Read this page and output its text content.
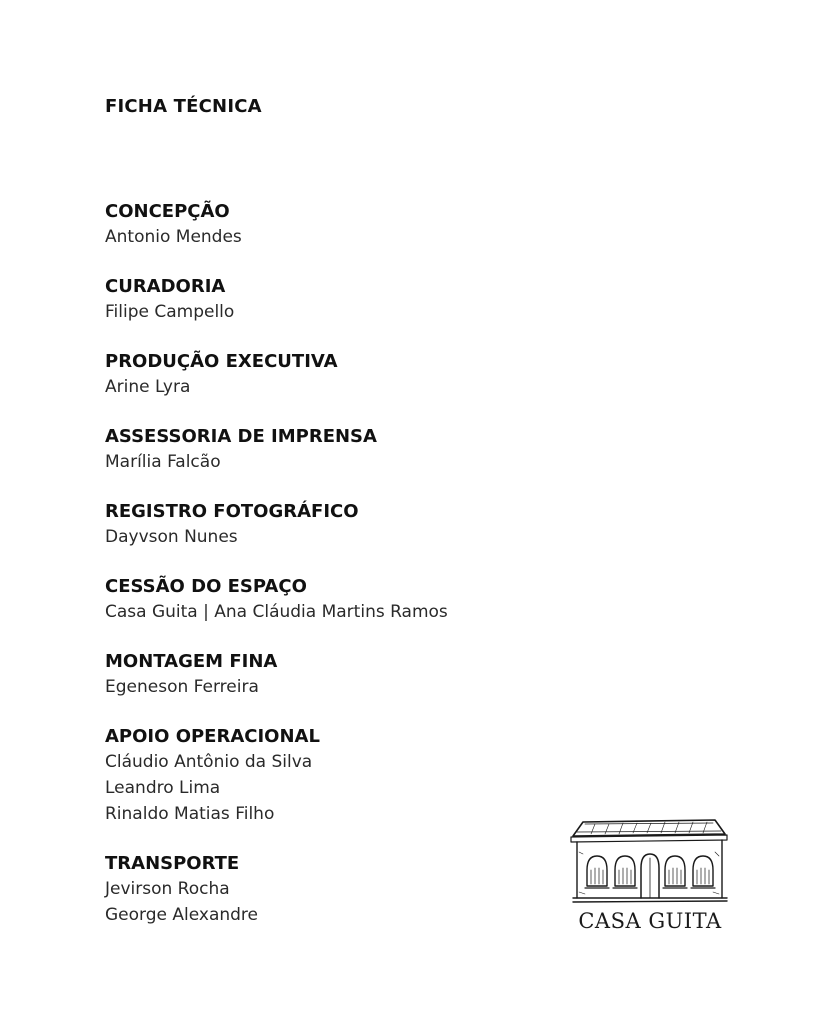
FICHA TÉCNICA
CONCEPÇÃO
Antonio Mendes
CURADORIA
Filipe Campello
PRODUÇÃO EXECUTIVA
Arine Lyra
ASSESSORIA DE IMPRENSA
Marília Falcão
REGISTRO FOTOGRÁFICO
Dayvson Nunes
CESSÃO DO ESPAÇO
Casa Guita | Ana Cláudia Martins Ramos
MONTAGEM FINA
Egeneson Ferreira
APOIO OPERACIONAL
Cláudio Antônio da Silva
Leandro Lima
Rinaldo Matias Filho
TRANSPORTE
Jevirson Rocha
George Alexandre	CASA GUITA
